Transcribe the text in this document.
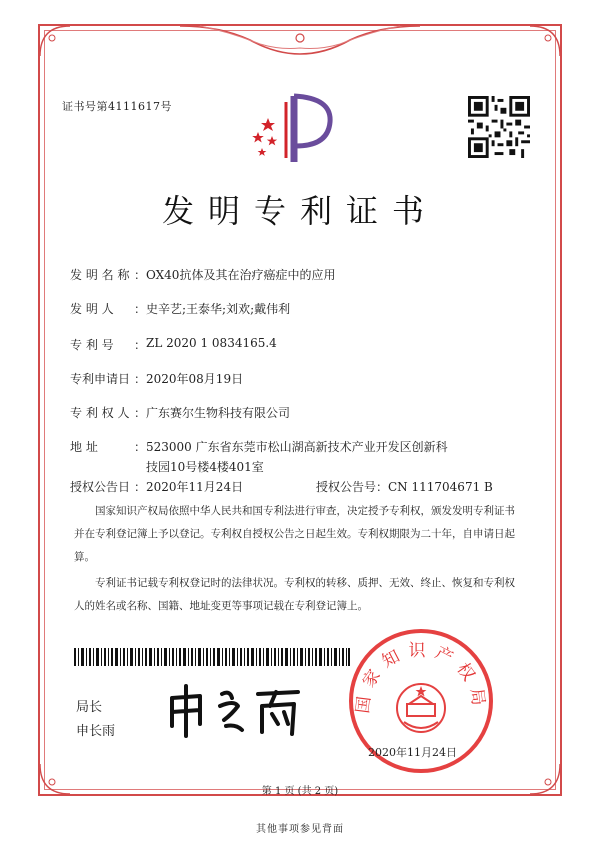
证书号第4111617号
发明专利证书
发 明 名 称 ： OX40抗体及其在治疗癌症中的应用
发 明 人	： 史辛艺;王泰华;刘欢;戴伟利
专 利 号	： ZL 2020 1 0834165.4
专利申请日 ： 2020年08月19日
专 利 权 人 ： 广东赛尔生物科技有限公司
地 址	： 523000 广东省东莞市松山湖高新技术产业开发区创新科
技园10号楼4楼401室
授权公告日 ： 2020年11月24日	授权公告号：CN 111704671 B
国家知识产权局依照中华人民共和国专利法进行审查，决定授予专利权，颁发发明专利证书并在专利登记簿上予以登记。专利权自授权公告之日起生效。专利权期限为二十年，自申请日起算。
专利证书记载专利权登记时的法律状况。专利权的转移、质押、无效、终止、恢复和专利权人的姓名或名称、国籍、地址变更等事项记载在专利登记簿上。
局长
申长雨
国家知识产权局
2020年11月24日
第 1 页 (共 2 页)
其他事项参见背面
